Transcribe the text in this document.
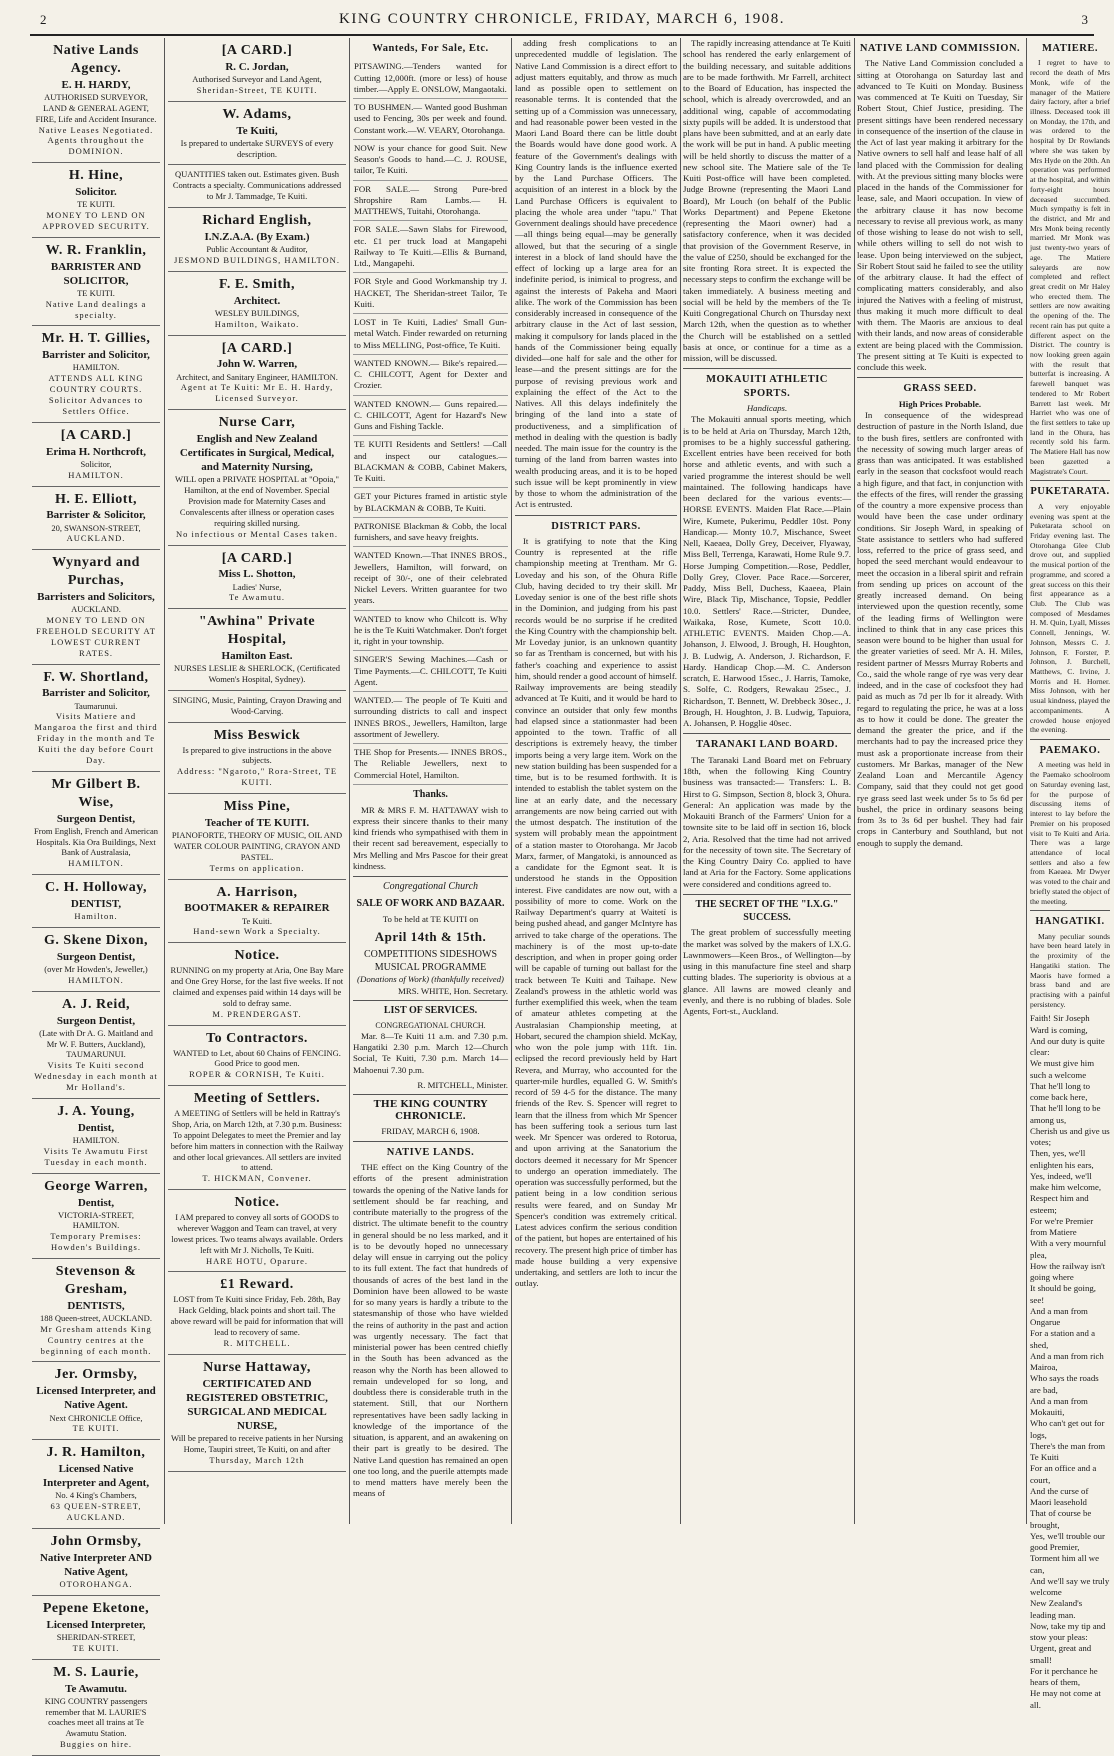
2	KING COUNTRY CHRONICLE, FRIDAY, MARCH 6, 1908.	3
Native Lands Agency.
E. H. HARDY,
AUTHORISED SURVEYOR, LAND & GENERAL AGENT, FIRE, Life and Accident Insurance.
Native Leases Negotiated. Agents throughout the DOMINION.
H. Hine,
Solicitor.
TE KUITI.
MONEY TO LEND ON APPROVED SECURITY.
W. R. Franklin,
BARRISTER AND SOLICITOR,
TE KUITI.
Native Land dealings a specialty.
Mr. H. T. Gillies,
Barrister and Solicitor,
HAMILTON.
ATTENDS ALL KING COUNTRY COURTS. Solicitor Advances to Settlers Office.
[A CARD.]
Erima H. Northcroft,
Solicitor,
HAMILTON.
H. E. Elliott,
Barrister & Solicitor,
20, SWANSON-STREET,
AUCKLAND.
Wynyard and Purchas,
Barristers and Solicitors,
AUCKLAND.
MONEY TO LEND ON FREEHOLD SECURITY AT LOWEST CURRENT RATES.
F. W. Shortland,
Barrister and Solicitor,
Taumarunui.
Visits Matiere and Mangaroa the first and third Friday in the month and Te Kuiti the day before Court Day.
Mr Gilbert B. Wise,
Surgeon Dentist,
From English, French and American Hospitals. Kia Ora Buildings, Next Bank of Australasia,
HAMILTON.
C. H. Holloway,
DENTIST,
Hamilton.
G. Skene Dixon,
Surgeon Dentist,
(over Mr Howden's, Jeweller,)
HAMILTON.
A. J. Reid,
Surgeon Dentist,
(Late with Dr A. G. Maitland and Mr W. F. Butters, Auckland), TAUMARUNUI.
Visits Te Kuiti second Wednesday in each month at Mr Holland's.
J. A. Young,
Dentist,
HAMILTON.
Visits Te Awamutu First Tuesday in each month.
George Warren,
Dentist,
VICTORIA-STREET, HAMILTON.
Temporary Premises: Howden's Buildings.
Stevenson & Gresham,
DENTISTS,
188 Queen-street, AUCKLAND.
Mr Gresham attends King Country centres at the beginning of each month.
Jer. Ormsby,
Licensed Interpreter, and Native Agent.
Next CHRONICLE Office,
TE KUITI.
J. R. Hamilton,
Licensed Native Interpreter and Agent,
No. 4 King's Chambers,
63 QUEEN-STREET, AUCKLAND.
John Ormsby,
Native Interpreter AND Native Agent,
OTOROHANGA.
Pepene Eketone,
Licensed Interpreter,
SHERIDAN-STREET,
TE KUITI.
M. S. Laurie,
Te Awamutu.
KING COUNTRY passengers remember that M. LAURIE'S coaches meet all trains at Te Awamutu Station.
Buggies on hire.
[A CARD.]
R. C. Jordan,
Authorised Surveyor and Land Agent,
Sheridan-Street, TE KUITI.
W. Adams,
Te Kuiti,
Is prepared to undertake SURVEYS of every description.
QUANTITIES taken out. Estimates given. Bush Contracts a specialty. Communications addressed to Mr J. Tammadge, Te Kuiti.
Richard English,
I.N.Z.A.A. (By Exam.)
Public Accountant & Auditor,
JESMOND BUILDINGS, HAMILTON.
F. E. Smith,
Architect.
WESLEY BUILDINGS,
Hamilton, Waikato.
[A CARD.]
John W. Warren,
Architect, and Sanitary Engineer, HAMILTON.
Agent at Te Kuiti: Mr E. H. Hardy, Licensed Surveyor.
Nurse Carr,
English and New Zealand Certificates in Surgical, Medical, and Maternity Nursing,
WILL open a PRIVATE HOSPITAL at "Opoia," Hamilton, at the end of November. Special Provision made for Maternity Cases and Convalescents after illness or operation cases requiring skilled nursing.
No infectious or Mental Cases taken.
[A CARD.]
Miss L. Shotton,
Ladies' Nurse,
Te Awamutu.
"Awhina" Private Hospital,
Hamilton East.
NURSES LESLIE & SHERLOCK, (Certificated Women's Hospital, Sydney).
SINGING, Music, Painting, Crayon Drawing and Wood-Carving.
Miss Beswick
Is prepared to give instructions in the above subjects.
Address: "Ngaroto," Rora-Street, TE KUITI.
Miss Pine,
Teacher of TE KUITI.
PIANOFORTE, THEORY OF MUSIC, OIL AND WATER COLOUR PAINTING, CRAYON AND PASTEL.
Terms on application.
A. Harrison,
BOOTMAKER & REPAIRER
Te Kuiti.
Hand-sewn Work a Specialty.
Notice.
RUNNING on my property at Aria, One Bay Mare and One Grey Horse, for the last five weeks. If not claimed and expenses paid within 14 days will be sold to defray same.
M. PRENDERGAST.
To Contractors.
WANTED to Let, about 60 Chains of FENCING. Good Price to good men.
ROPER & CORNISH, Te Kuiti.
Meeting of Settlers.
A MEETING of Settlers will be held in Rattray's Shop, Aria, on March 12th, at 7.30 p.m. Business: To appoint Delegates to meet the Premier and lay before him matters in connection with the Railway and other local grievances. All settlers are invited to attend.
T. HICKMAN, Convener.
Notice.
I AM prepared to convey all sorts of GOODS to wherever Waggon and Team can travel, at very lowest prices. Two teams always available. Orders left with Mr J. Nicholls, Te Kuiti.
HARE HOTU, Oparure.
£1 Reward.
LOST from Te Kuiti since Friday, Feb. 28th, Bay Hack Gelding, black points and short tail. The above reward will be paid for information that will lead to recovery of same.
R. MITCHELL.
Nurse Hattaway,
CERTIFICATED AND REGISTERED OBSTETRIC, SURGICAL AND MEDICAL NURSE,
Will be prepared to receive patients in her Nursing Home, Taupiri street, Te Kuiti, on and after
Thursday, March 12th
Wanteds, For Sale, Etc.
PITSAWING.—Tenders wanted for Cutting 12,000ft. (more or less) of house timber.—Apply E. ONSLOW, Mangaotaki.
TO BUSHMEN.— Wanted good Bushman used to Fencing, 30s per week and found. Constant work.—W. VEARY, Otorohanga.
NOW is your chance for good Suit. New Season's Goods to hand.—C. J. ROUSE, tailor, Te Kuiti.
FOR SALE.— Strong Pure-bred Shropshire Ram Lambs.— H. MATTHEWS, Tuitahi, Otorohanga.
FOR SALE.—Sawn Slabs for Firewood, etc. £1 per truck load at Mangapehi Railway to Te Kuiti.—Ellis & Burnand, Ltd., Mangapehi.
FOR Style and Good Workmanship try J. HACKET, The Sheridan-street Tailor, Te Kuiti.
LOST in Te Kuiti, Ladies' Small Gun-metal Watch. Finder rewarded on returning to Miss MELLING, Post-office, Te Kuiti.
WANTED KNOWN.— Bike's repaired.—C. CHILCOTT, Agent for Dexter and Crozier.
WANTED KNOWN.— Guns repaired.—C. CHILCOTT, Agent for Hazard's New Guns and Fishing Tackle.
TE KUITI Residents and Settlers! —Call and inspect our catalogues.—BLACKMAN & COBB, Cabinet Makers, Te Kuiti.
GET your Pictures framed in artistic style by BLACKMAN & COBB, Te Kuiti.
PATRONISE Blackman & Cobb, the local furnishers, and save heavy freights.
WANTED Known.—That INNES BROS., Jewellers, Hamilton, will forward, on receipt of 30/-, one of their celebrated Nickel Levers. Written guarantee for two years.
WANTED to know who Chilcott is. Why he is the Te Kuiti Watchmaker. Don't forget it, right in your township.
SINGER'S Sewing Machines.—Cash or Time Payments.—C. CHILCOTT, Te Kuiti Agent.
WANTED.— The people of Te Kuiti and surrounding districts to call and inspect INNES BROS., Jewellers, Hamilton, large assortment of Jewellery.
THE Shop for Presents.— INNES BROS., The Reliable Jewellers, next to Commercial Hotel, Hamilton.
Thanks.

MR & MRS F. M. HATTAWAY wish to express their sincere thanks to their many kind friends who sympathised with them in their recent sad bereavement, especially to Mrs Melling and Mrs Pascoe for their great kindness.

Congregational Church
SALE OF WORK AND BAZAAR.
To be held at TE KUITI on
April 14th & 15th.
COMPETITIONS SIDESHOWS MUSICAL PROGRAMME
(Donations of Work) (thankfully received)
MRS. WHITE, Hon. Secretary.
LIST OF SERVICES.
CONGREGATIONAL CHURCH.

Mar. 8—Te Kuiti 11 a.m. and 7.30 p.m. Hangatiki 2.30 p.m. March 12—Church Social, Te Kuiti, 7.30 p.m. March 14—Mahoenui 7.30 p.m.

R. MITCHELL, Minister.
THE KING COUNTRY CHRONICLE.
FRIDAY, MARCH 6, 1908.
NATIVE LANDS.

THE effect on the King Country of the efforts of the present administration towards the opening of the Native lands for settlement should be far reaching, and contribute materially to the progress of the district. The ultimate benefit to the country in general should be no less marked, and it is to be devoutly hoped no unnecessary delay will ensue in carrying out the policy to its full extent. The fact that hundreds of thousands of acres of the best land in the Dominion have been allowed to be waste for so many years is hardly a tribute to the statesmanship of those who have wielded the reins of authority in the past and action was urgently necessary. The fact that ministerial power has been centred chiefly in the South has been advanced as the reason why the North has been allowed to remain undeveloped for so long, and doubtless there is considerable truth in the statement. Still, that our Northern representatives have been sadly lacking in knowledge of the importance of the situation, is apparent, and an awakening on their part is greatly to be desired. The Native Land question has remained an open one too long, and the puerile attempts made to mend matters have merely been the means of

adding fresh complications to an unprecedented muddle of legislation. The Native Land Commission is a direct effort to adjust matters equitably, and throw as much land as possible open to settlement on reasonable terms. It is contended that the setting up of a Commission was unnecessary, and had reasonable power been vested in the Maori Land Board there can be little doubt the Boards would have done good work. A feature of the Government's dealings with King Country lands is the influence exerted by the Land Purchase Officers. The acquisition of an interest in a block by the Land Purchase Officers is equivalent to placing the whole area under "tapu." That Government dealings should have precedence—all things being equal—may be generally allowed, but that the securing of a single interest in a block of land should have the effect of locking up a large area for an indefinite period, is inimical to progress, and against the interests of Pakeha and Maori alike. The work of the Commission has been considerably increased in consequence of the arbitrary clause in the Act of last session, making it compulsory for lands placed in the hands of the Commissioner being equally divided—one half for sale and the other for lease—and the present sittings are for the purpose of revising previous work and explaining the effect of the Act to the Natives. All this delays indefinitely the bringing of the land into a state of productiveness, and a simplification of method in dealing with the question is badly needed. The main issue for the country is the turning of the land from barren wastes into wealth producing areas, and it is to be hoped such issue will be kept prominently in view by those to whom the administration of the Act is entrusted.

DISTRICT PARS.

It is gratifying to note that the King Country is represented at the rifle championship meeting at Trentham. Mr G. Loveday and his son, of the Ohura Rifle Club, having decided to try their skill. Mr Loveday senior is one of the best rifle shots in the Dominion, and judging from his past records would be no surprise if he credited the King Country with the championship belt. Mr Loveday junior, is an unknown quantity so far as Trentham is concerned, but with his father's coaching and experience to assist him, should render a good account of himself. Railway improvements are being steadily advanced at Te Kuiti, and it would be hard to convince an outsider that only few months had elapsed since a stationmaster had been appointed to the town. Traffic of all descriptions is extremely heavy, the timber imports being a very large item. Work on the new station building has been suspended for a time, but is to be resumed forthwith. It is intended to establish the tablet system on the line at an early date, and the necessary arrangements are now being carried out with the utmost despatch. The institution of the system will probably mean the appointment of a station master to Otorohanga. Mr Jacob Marx, farmer, of Mangatoki, is announced as a candidate for the Egmont seat. It is understood he stands in the Opposition interest. Five candidates are now out, with a possibility of more to come. Work on the Railway Department's quarry at Waitetí is being pushed ahead, and ganger McIntyre has arrived to take charge of the operations. The machinery is of the most up-to-date description, and when in proper going order will be capable of turning out ballast for the track between Te Kuiti and Taihape. New Zealand's prowess in the athletic world was further exemplified this week, when the team of amateur athletes competing at the Australasian Championship meeting, at Hobart, secured the champion shield. McKay, who won the pole jump with 11ft. 1in. eclipsed the record previously held by Hart Revera, and Murray, who accounted for the quarter-mile hurdles, equalled G. W. Smith's record of 59 4-5 for the distance. The many friends of the Rev. S. Spencer will regret to learn that the illness from which Mr Spencer has been suffering took a serious turn last week. Mr Spencer was ordered to Rotorua, and upon arriving at the Sanatorium the doctors deemed it necessary for Mr Spencer to undergo an operation immediately. The operation was successfully performed, but the patient being in a low condition serious results were feared, and on Sunday Mr Spencer's condition was extremely critical. Latest advices confirm the serious condition of the patient, but hopes are entertained of his recovery. The present high price of timber has made house building a very expensive undertaking, and settlers are loth to incur the outlay.

The rapidly increasing attendance at Te Kuiti school has rendered the early enlargement of the building necessary, and suitable additions are to be made forthwith. Mr Farrell, architect to the Board of Education, has inspected the school, which is already overcrowded, and an additional wing, capable of accommodating sixty pupils will be added. It is understood that plans have been submitted, and at an early date the work will be put in hand. A public meeting will be held shortly to discuss the matter of a new school site. The Matiere sale of the Te Kuiti Post-office will have been completed. Judge Browne (representing the Maori Land Board), Mr Louch (on behalf of the Public Works Department) and Pepene Eketone (representing the Maori owner) had a satisfactory conference, when it was decided that provision of the Government Reserve, in the value of £250, should be exchanged for the site fronting Rora street. It is expected the necessary steps to confirm the exchange will be taken immediately. A business meeting and social will be held by the members of the Te Kuiti Congregational Church on Thursday next March 12th, when the question as to whether the Church will be established on a settled basis at once, or continue for a time as a mission, will be discussed.

MOKAUITI ATHLETIC SPORTS.
Handicaps.

The Mokauiti annual sports meeting, which is to be held at Aria on Thursday, March 12th, promises to be a highly successful gathering. Excellent entries have been received for both horse and athletic events, and with such a varied programme the interest should be well maintained. The following handicaps have been declared for the various events:— HORSE EVENTS. Maiden Flat Race.—Plain Wire, Kumete, Pukerimu, Peddler 10st. Pony Handicap.— Monty 10.7, Mischance, Sweet Nell, Kaeaea, Dolly Grey, Deceiver, Flyaway, Miss Bell, Terrenga, Karawati, Home Rule 9.7. Horse Jumping Competition.—Rose, Peddler, Dolly Grey, Clover. Pace Race.—Sorcerer, Paddy, Miss Bell, Duchess, Kaaeea, Plain Wire, Black Tip, Mischance, Topsie, Peddler 10.0. Settlers' Race.—Stricter, Dundee, Waikaka, Rose, Kumete, Scott 10.0. ATHLETIC EVENTS. Maiden Chop.—A. Johanson, J. Elwood, J. Brough, H. Houghton, J. B. Ludwig, A. Anderson, J. Richardson, F. Hardy. Handicap Chop.—M. C. Anderson scratch, E. Harwood 15sec., J. Harris, Tamoke, S. Solfe, C. Rodgers, Rewakau 25sec., J. Richardson, T. Bennett, W. Drebbeck 30sec., J. Brough, H. Houghton, J. B. Ludwig, Tapuiora, A. Johansen, P. Hogglie 40sec.

TARANAKI LAND BOARD.

The Taranaki Land Board met on February 18th, when the following King Country business was transacted:— Transfers: L. B. Hirst to G. Simpson, Section 8, block 3, Ohura. General: An application was made by the Mokauiti Branch of the Farmers' Union for a townsite site to be laid off in section 16, block 2, Aria. Resolved that the time had not arrived for the necessity of town site. The Secretary of the King Country Dairy Co. applied to have land at Aria for the Factory. Some applications were considered and conditions agreed to.

THE SECRET OF THE "I.X.G." SUCCESS.

The great problem of successfully meeting the market was solved by the makers of I.X.G. Lawnmowers—Keen Bros., of Wellington—by using in this manufacture fine steel and sharp cutting blades. The superiority is obvious at a glance. All lawns are mowed cleanly and evenly, and there is no rubbing of blades. Sole Agents, Fort-st., Auckland.

NATIVE LAND COMMISSION.

The Native Land Commission concluded a sitting at Otorohanga on Saturday last and advanced to Te Kuiti on Monday. Business was commenced at Te Kuiti on Tuesday, Sir Robert Stout, Chief Justice, presiding. The present sittings have been rendered necessary in consequence of the insertion of the clause in the Act of last year making it arbitrary for the Native owners to sell half and lease half of all land placed with the Commission for dealing with. At the previous sitting many blocks were placed in the hands of the Commissioner for lease, sale, and Maori occupation. In view of the arbitrary clause it has now become necessary to revise all previous work, as many of those wishing to lease do not wish to sell, while others willing to sell do not wish to lease. Upon being interviewed on the subject, Sir Robert Stout said he failed to see the utility of the arbitrary clause. It had the effect of complicating matters considerably, and also injured the Natives with a feeling of mistrust, thus making it much more difficult to deal with them. The Maoris are anxious to deal with their lands, and now areas of considerable extent are being placed with the Commission. The present sitting at Te Kuiti is expected to conclude this week.

GRASS SEED.
High Prices Probable.

In consequence of the widespread destruction of pasture in the North Island, due to the bush fires, settlers are confronted with the necessity of sowing much larger areas of grass than was anticipated. It was established early in the season that cocksfoot would reach a high figure, and that fact, in conjunction with the effects of the fires, will render the grassing of the country a more expensive process than would have been the case under ordinary conditions. Sir Joseph Ward, in speaking of State assistance to settlers who had suffered loss, referred to the price of grass seed, and hoped the seed merchant would endeavour to meet the occasion in a liberal spirit and refrain from sending up prices on account of the greatly increased demand. On being interviewed upon the question recently, some of the leading firms of Wellington were inclined to think that in any case prices this season were bound to be higher than usual for the greater varieties of seed. Mr A. H. Miles, resident partner of Messrs Murray Roberts and Co., said the whole range of rye was very dear indeed, and in the case of cocksfoot they had paid as much as 7d per lb for it already. With regard to regulating the price, he was at a loss as to how it could be done. The greater the demand the greater the price, and if the merchants had to pay the increased price they must ask a proportionate increase from their customers. Mr Barkas, manager of the New Zealand Loan and Mercantile Agency Company, said that they could not get good rye grass seed last week under 5s to 5s 6d per bushel, the price in ordinary seasons being from 3s to 3s 6d per bushel. They had fair crops in Canterbury and Southland, but not enough to supply the demand.

MATIERE.

I regret to have to record the death of Mrs Monk, wife of the manager of the Matiere dairy factory, after a brief illness. Deceased took ill on Monday, the 17th, and was ordered to the hospital by Dr Rowlands where she was taken by Mrs Hyde on the 20th. An operation was performed at the hospital, and within forty-eight hours deceased succumbed. Much sympathy is felt in the district, and Mr and Mrs Monk being recently married. Mr Monk was just twenty-two years of age. The Matiere saleyards are now completed and reflect great credit on Mr Haley who erected them. The settlers are now awaiting the opening of the. The recent rain has put quite a different aspect on the District. The country is now looking green again with the result that butterfat is increasing. A farewell banquet was tendered to Mr Robert Barrett last week. Mr Harriet who was one of the first settlers to take up land in the Ohura, has recently sold his farm. The Matiere Hall has now been gazetted a Magistrate's Court.

PUKETARATA.

A very enjoyable evening was spent at the Puketarata school on Friday evening last. The Otorohanga Glee Club drove out, and supplied the musical portion of the programme, and scored a great success on this their first appearance as a Club. The Club was composed of Mesdames H. M. Quin, Lyall, Misses Connell, Jennings, W. Johnson, Messrs C. J. Johnson, F. Forster, P. Johnson, J. Burchell, Matthews, C. Irvine, J. Morris and H. Horner. Miss Johnson, with her usual kindness, played the accompaniments. A crowded house enjoyed the evening.

PAEMAKO.

A meeting was held in the Paemako schoolroom on Saturday evening last, for the purpose of discussing items of interest to lay before the Premier on his proposed visit to Te Kuiti and Aria. There was a large attendance of local settlers and also a few from Kaeaea. Mr Dwyer was voted to the chair and briefly stated the object of the meeting.

HANGATIKI.

Many peculiar sounds have been heard lately in the proximity of the Hangatiki station. The Maoris have formed a brass band and are practising with a painful persistency.

Faith! Sir Joseph Ward is coming,
And our duty is quite clear:
We must give him such a welcome
That he'll long to come back here,
That he'll long to be among us,
Cherish us and give us votes;
Then, yes, we'll enlighten his ears,
Yes, indeed, we'll make him welcome,
Respect him and esteem;
For we're Premier from Matiere
With a very mournful plea,
How the railway isn't going where
It should be going, see!
And a man from Ongarue
For a station and a shed,
And a man from rich Mairoa,
Who says the roads are bad,
And a man from Mokauiti,
Who can't get out for logs,
There's the man from Te Kuiti
For an office and a court,
And the curse of Maori leasehold
That of course be brought,
Yes, we'll trouble our good Premier,
Torment him all we can,
And we'll say we truly welcome
New Zealand's leading man.
Now, take my tip and stow your pleas:
Urgent, great and small!
For it perchance he hears of them,
He may not come at all.
